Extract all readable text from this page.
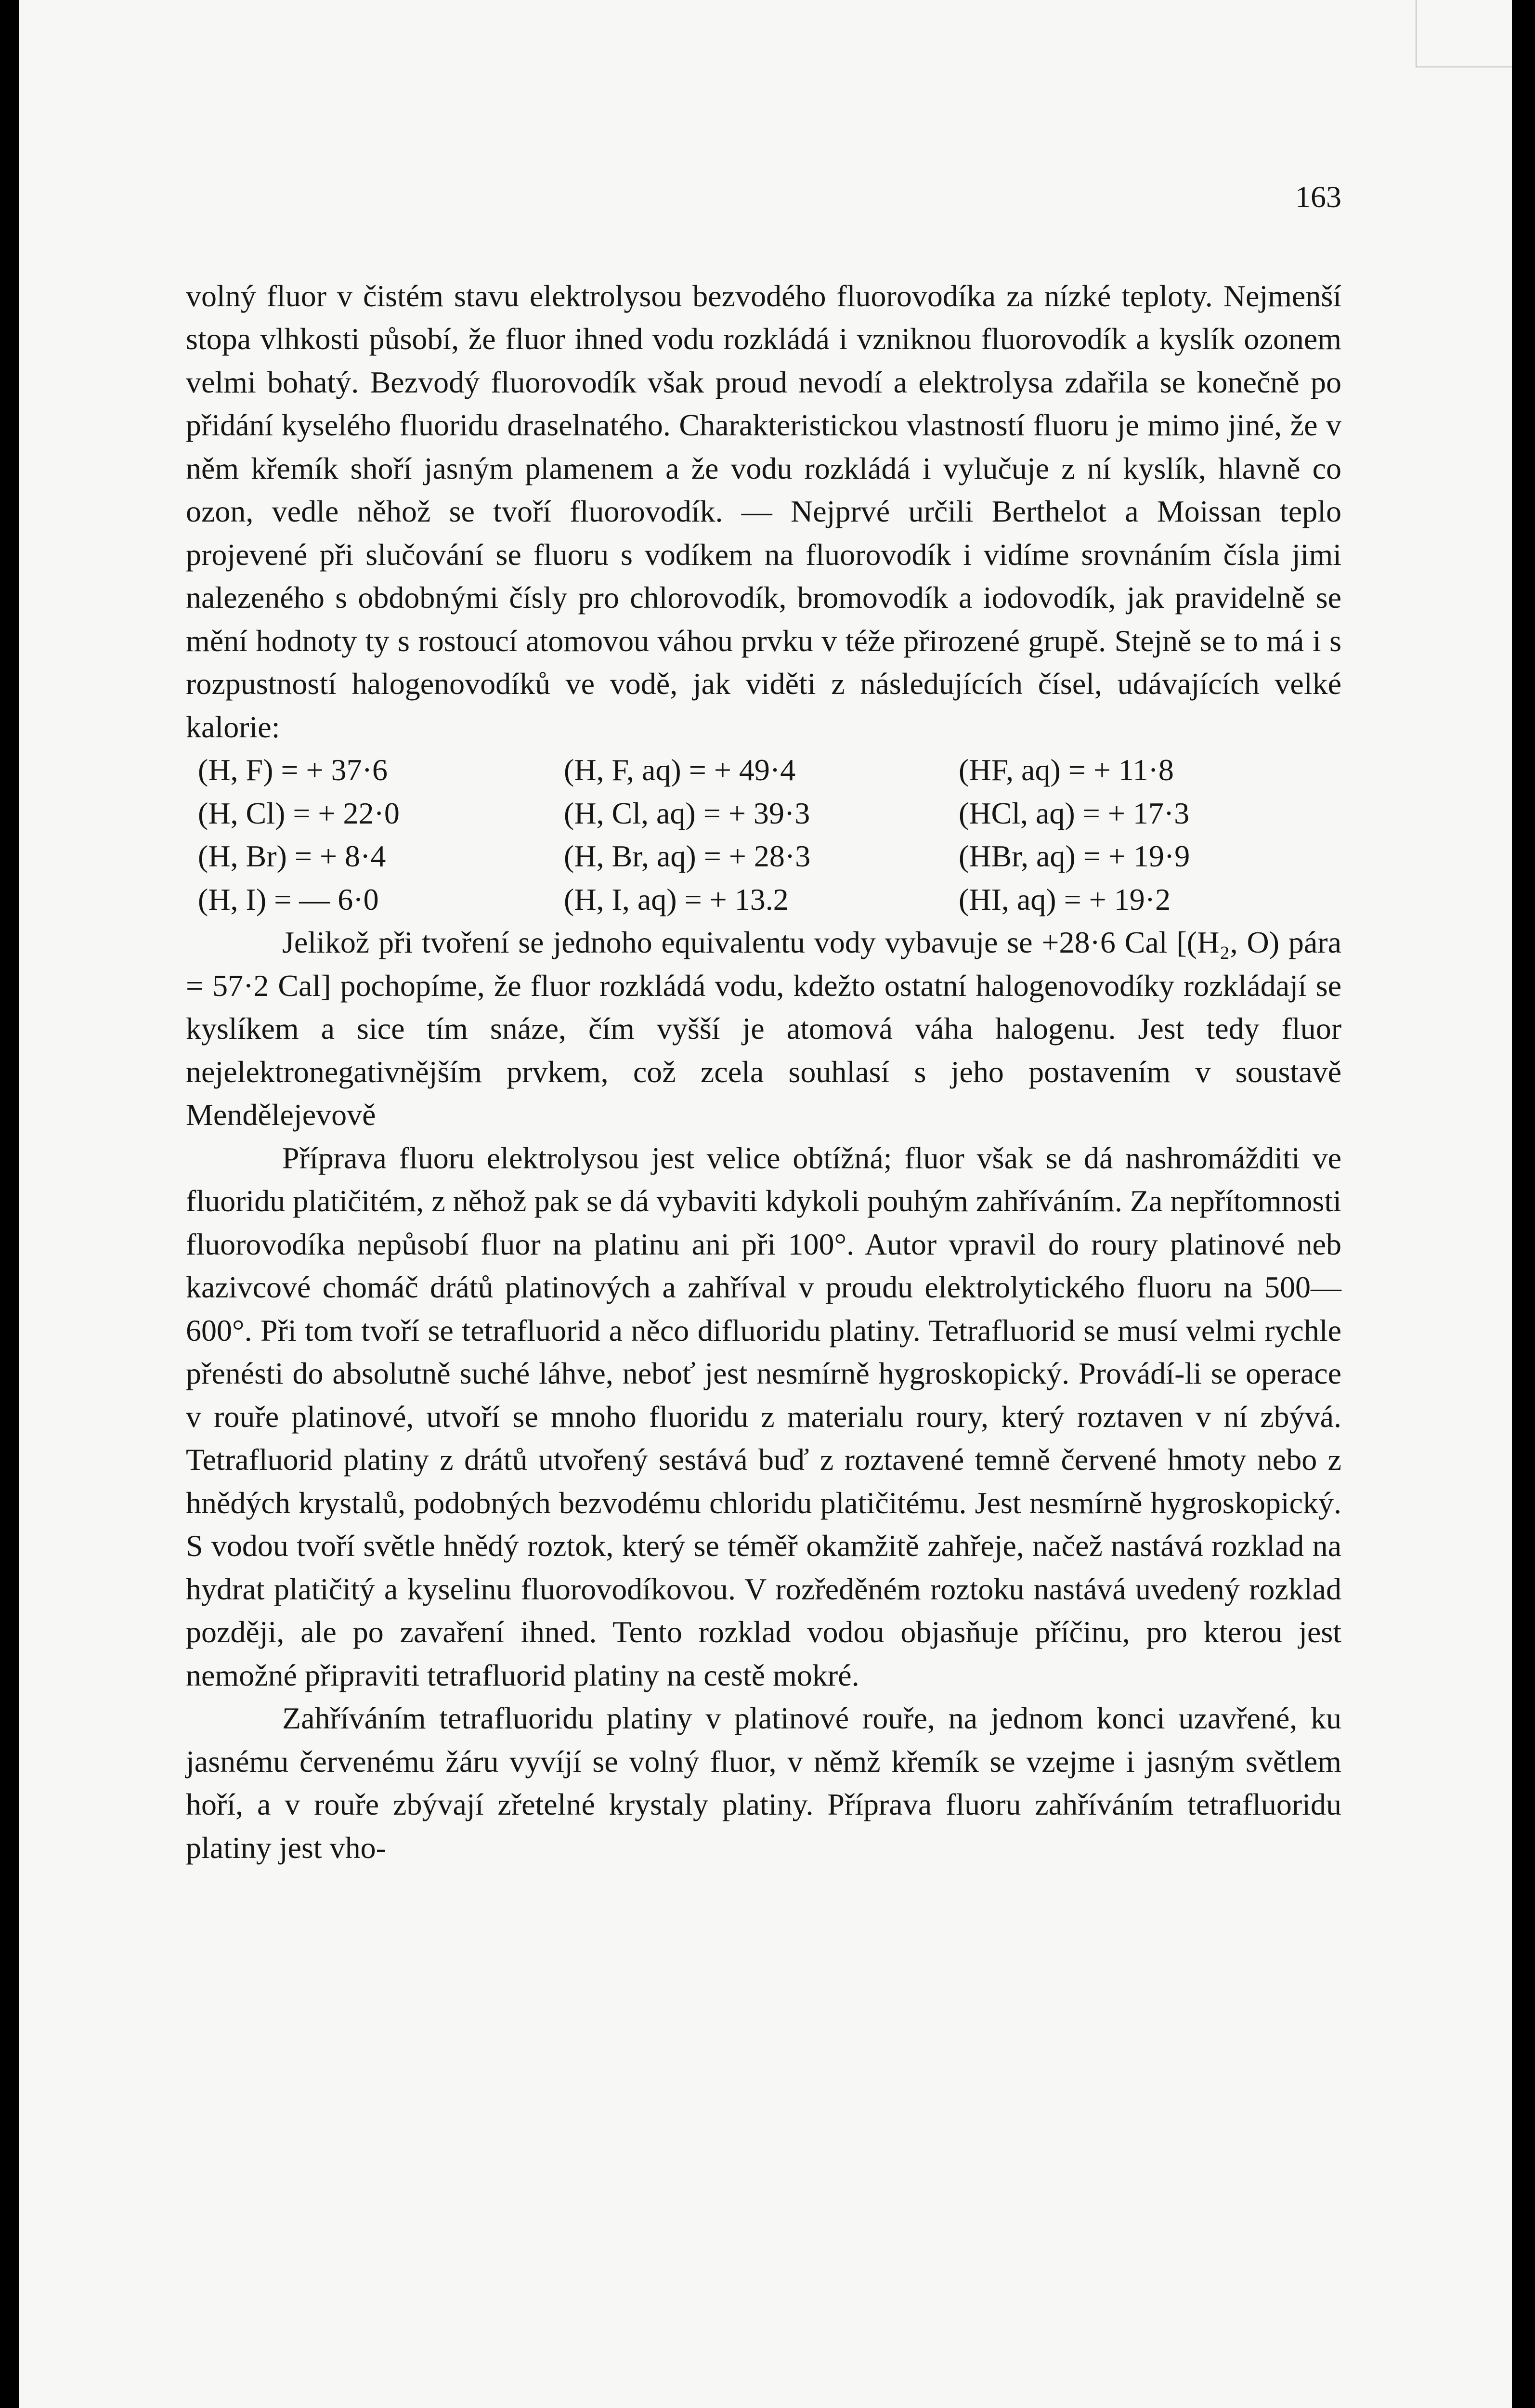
163

volný fluor v čistém stavu elektrolysou bezvodého fluorovodíka za nízké teploty. Nejmenší stopa vlhkosti působí, že fluor ihned vodu rozkládá i vzniknou fluorovodík a kyslík ozonem velmi bohatý. Bezvodý fluorovodík však proud nevodí a elektrolysa zdařila se konečně po přidání kyselého fluoridu draselnatého. Charakteristickou vlastností fluoru je mimo jiné, že v něm křemík shoří jasným plamenem a že vodu rozkládá i vylučuje z ní kyslík, hlavně co ozon, vedle něhož se tvoří fluorovodík. — Nejprvé určili Berthelot a Moissan teplo projevené při slučování se fluoru s vodíkem na fluorovodík i vidíme srovnáním čísla jimi nalezeného s obdobnými čísly pro chlorovodík, bromovodík a iodovodík, jak pravidelně se mění hodnoty ty s rostoucí atomovou váhou prvku v téže přirozené grupě. Stejně se to má i s rozpustností halogenovodíků ve vodě, jak viděti z následujících čísel, udávajících velké kalorie:

(H, F) = + 37·6	(H, F, aq) = + 49·4	(HF, aq) = + 11·8
(H, Cl) = + 22·0	(H, Cl, aq) = + 39·3	(HCl, aq) = + 17·3
(H, Br) = + 8·4	(H, Br, aq) = + 28·3	(HBr, aq) = + 19·9
(H, I) = — 6·0	(H, I, aq) = + 13.2	(HI, aq) = + 19·2

Jelikož při tvoření se jednoho equivalentu vody vybavuje se +28·6 Cal [(H₂, O) pára = 57·2 Cal] pochopíme, že fluor rozkládá vodu, kdežto ostatní halogenovodíky rozkládají se kyslíkem a sice tím snáze, čím vyšší je atomová váha halogenu. Jest tedy fluor nejelektronegativnějším prvkem, což zcela souhlasí s jeho postavením v soustavě Mendělejevově

Příprava fluoru elektrolysou jest velice obtížná; fluor však se dá nashromážditi ve fluoridu platičitém, z něhož pak se dá vybaviti kdykoli pouhým zahříváním. Za nepřítomnosti fluorovodíka nepůsobí fluor na platinu ani při 100°. Autor vpravil do roury platinové neb kazivcové chomáč drátů platinových a zahříval v proudu elektrolytického fluoru na 500—600°. Při tom tvoří se tetrafluorid a něco difluoridu platiny. Tetrafluorid se musí velmi rychle přenésti do absolutně suché láhve, neboť jest nesmírně hygroskopický. Provádí-li se operace v rouře platinové, utvoří se mnoho fluoridu z materialu roury, který roztaven v ní zbývá. Tetrafluorid platiny z drátů utvořený sestává buď z roztavené temně červené hmoty nebo z hnědých krystalů, podobných bezvodému chloridu platičitému. Jest nesmírně hygroskopický. S vodou tvoří světle hnědý roztok, který se téměř okamžitě zahřeje, načež nastává rozklad na hydrat platičitý a kyselinu fluorovodíkovou. V rozředěném roztoku nastává uvedený rozklad později, ale po zavaření ihned. Tento rozklad vodou objasňuje příčinu, pro kterou jest nemožné připraviti tetrafluorid platiny na cestě mokré.

Zahříváním tetrafluoridu platiny v platinové rouře, na jednom konci uzavřené, ku jasnému červenému žáru vyvíjí se volný fluor, v němž křemík se vzejme i jasným světlem hoří, a v rouře zbývají zřetelné krystaly platiny. Příprava fluoru zahříváním tetrafluoridu platiny jest vho-
